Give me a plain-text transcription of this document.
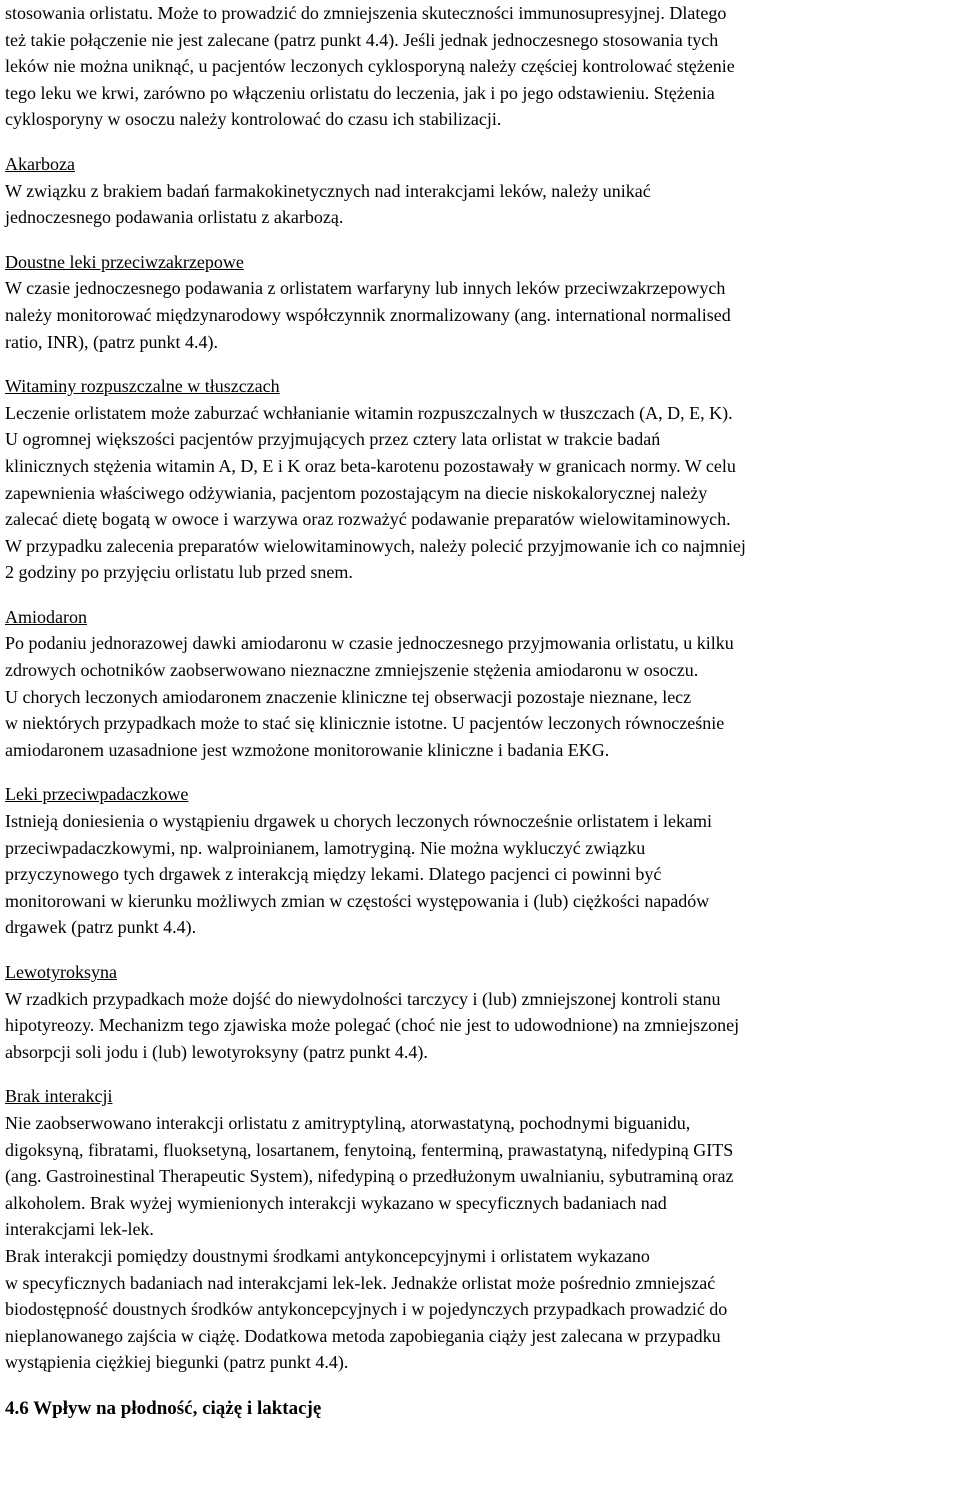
stosowania orlistatu. Może to prowadzić do zmniejszenia skuteczności immunosupresyjnej. Dlatego
też takie połączenie nie jest zalecane (patrz punkt 4.4). Jeśli jednak jednoczesnego stosowania tych
leków nie można uniknąć, u pacjentów leczonych cyklosporyną należy częściej kontrolować stężenie
tego leku we krwi, zarówno po włączeniu orlistatu do leczenia, jak i po jego odstawieniu. Stężenia
cyklosporyny w osoczu należy kontrolować do czasu ich stabilizacji.
Akarboza
W związku z brakiem badań farmakokinetycznych nad interakcjami leków, należy unikać
jednoczesnego podawania orlistatu z akarbozą.
Doustne leki przeciwzakrzepowe
W czasie jednoczesnego podawania z orlistatem warfaryny lub innych leków przeciwzakrzepowych
należy monitorować międzynarodowy współczynnik znormalizowany (ang. international normalised
ratio, INR), (patrz punkt 4.4).
Witaminy rozpuszczalne w tłuszczach
Leczenie orlistatem może zaburzać wchłanianie witamin rozpuszczalnych w tłuszczach (A, D, E, K).
U ogromnej większości pacjentów przyjmujących przez cztery lata orlistat w trakcie badań
klinicznych stężenia witamin A, D, E i K oraz beta-karotenu pozostawały w granicach normy. W celu
zapewnienia właściwego odżywiania, pacjentom pozostającym na diecie niskokalorycznej należy
zalecać dietę bogatą w owoce i warzywa oraz rozważyć podawanie preparatów wielowitaminowych.
W przypadku zalecenia preparatów wielowitaminowych, należy polecić przyjmowanie ich co najmniej
2 godziny po przyjęciu orlistatu lub przed snem.
Amiodaron
Po podaniu jednorazowej dawki amiodaronu w czasie jednoczesnego przyjmowania orlistatu, u kilku
zdrowych ochotników zaobserwowano nieznaczne zmniejszenie stężenia amiodaronu w osoczu.
U chorych leczonych amiodaronem znaczenie kliniczne tej obserwacji pozostaje nieznane, lecz
w niektórych przypadkach może to stać się klinicznie istotne. U pacjentów leczonych równocześnie
amiodaronem uzasadnione jest wzmożone monitorowanie kliniczne i badania EKG.
Leki przeciwpadaczkowe
Istnieją doniesienia o wystąpieniu drgawek u chorych leczonych równocześnie orlistatem i lekami
przeciwpadaczkowymi, np. walproinianem, lamotryginą. Nie można wykluczyć związku
przyczynowego tych drgawek z interakcją między lekami. Dlatego pacjenci ci powinni być
monitorowani w kierunku możliwych zmian w częstości występowania i (lub) ciężkości napadów
drgawek (patrz punkt 4.4).
Lewotyroksyna
W rzadkich przypadkach może dojść do niewydolności tarczycy i (lub) zmniejszonej kontroli stanu
hipotyreozy. Mechanizm tego zjawiska może polegać (choć nie jest to udowodnione) na zmniejszonej
absorpcji soli jodu i (lub) lewotyroksyny (patrz punkt 4.4).
Brak interakcji
Nie zaobserwowano interakcji orlistatu z amitryptyliną, atorwastatyną, pochodnymi biguanidu,
digoksyną, fibratami, fluoksetyną, losartanem, fenytoiną, fenterminą, prawastatyną, nifedypiną GITS
(ang. Gastroinestinal Therapeutic System), nifedypiną o przedłużonym uwalnianiu, sybutraminą oraz
alkoholem. Brak wyżej wymienionych interakcji wykazano w specyficznych badaniach nad
interakcjami lek-lek.
Brak interakcji pomiędzy doustnymi środkami antykoncepcyjnymi i orlistatem wykazano
w specyficznych badaniach nad interakcjami lek-lek. Jednakże orlistat może pośrednio zmniejszać
biodostępność doustnych środków antykoncepcyjnych i w pojedynczych przypadkach prowadzić do
nieplanowanego zajścia w ciążę. Dodatkowa metoda zapobiegania ciąży jest zalecana w przypadku
wystąpienia ciężkiej biegunki (patrz punkt 4.4).
4.6 Wpływ na płodność, ciążę i laktację
